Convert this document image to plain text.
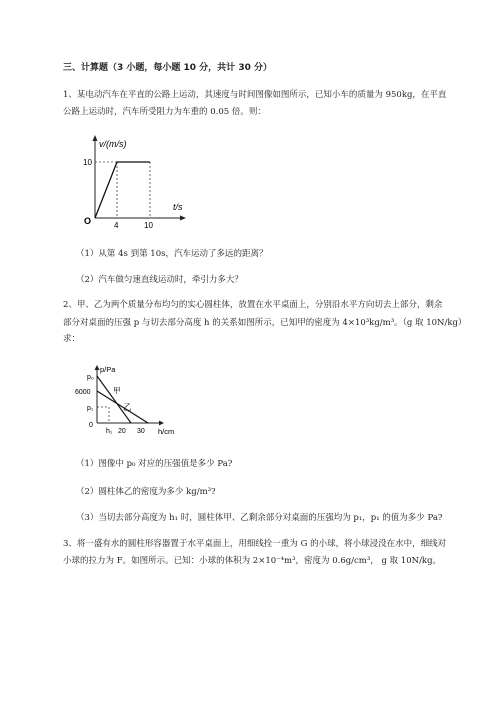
三、计算题（3 小题，每小题 10 分，共计 30 分）
1、某电动汽车在平直的公路上运动，其速度与时间图像如图所示，已知小车的质量为 950kg，在平直
公路上运动时，汽车所受阻力为车重的 0.05 倍。则：
v/(m/s)
t/s
10
O	4	10
（1）从第 4s 到第 10s，汽车运动了多远的距离？
（2）汽车做匀速直线运动时，牵引力多大？
2、甲、乙为两个质量分布均匀的实心圆柱体，放置在水平桌面上，分别沿水平方向切去上部分，剩余
部分对桌面的压强 p 与切去部分高度 h 的关系如图所示，已知甲的密度为 4×10³kg/m³。（g 取 10N/kg）
求：
p/Pa
p₀
6000
p₁
0
h₁ 20 30 h/cm
甲
乙
（1）图像中 p₀ 对应的压强值是多少 Pa?
（2）圆柱体乙的密度为多少 kg/m³?
（3）当切去部分高度为 h₁ 时，圆柱体甲、乙剩余部分对桌面的压强均为 p₁，p₁ 的值为多少 Pa?
3、将一盛有水的圆柱形容器置于水平桌面上，用细线拴一重为 G 的小球，将小球浸没在水中，细线对
小球的拉力为 F。如图所示。已知：小球的体积为 2×10⁻⁴m³，密度为 0.6g/cm³， g 取 10N/kg。
